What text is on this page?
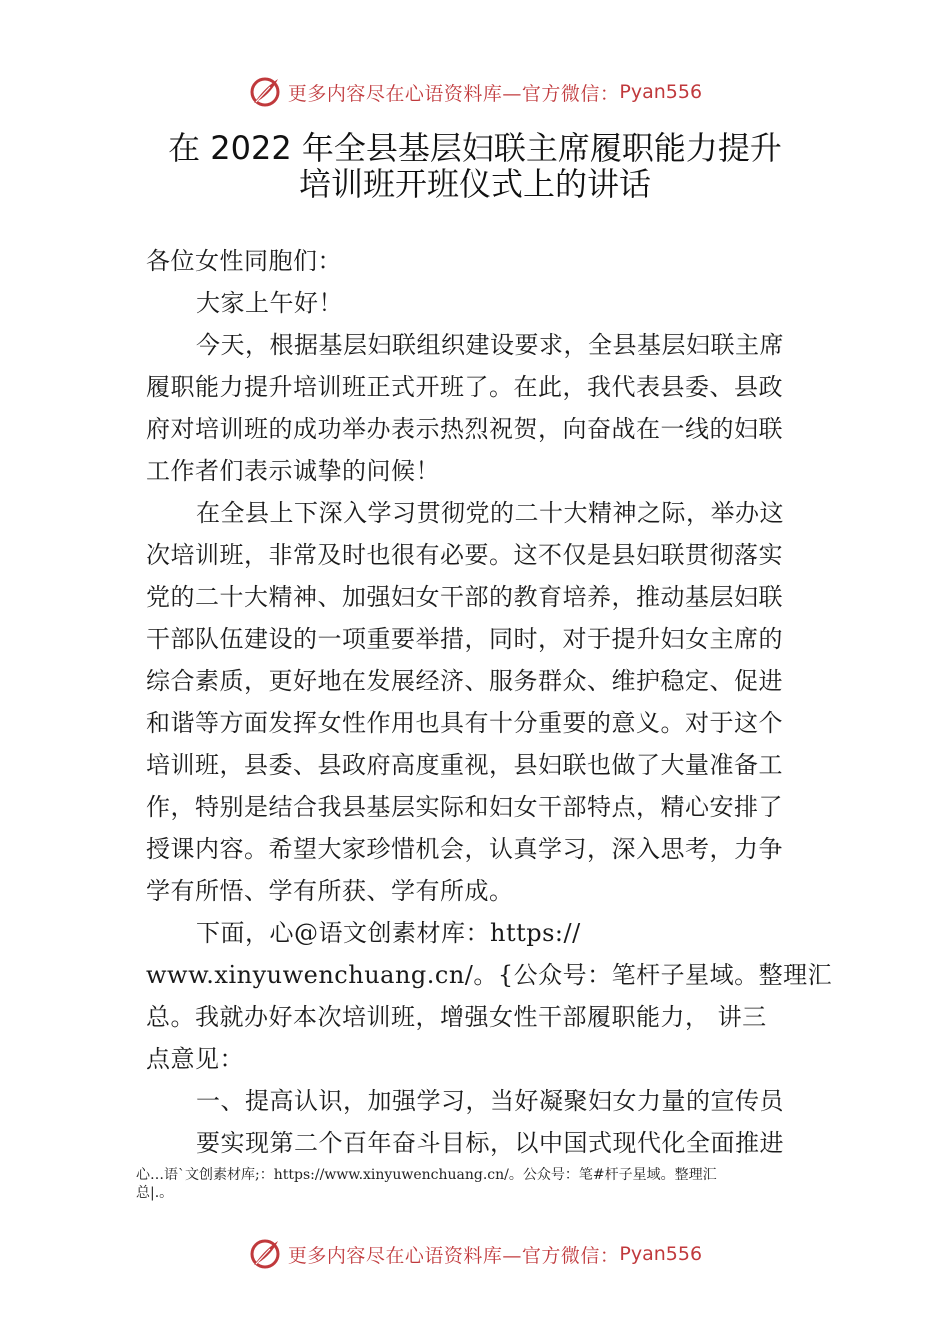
更多内容尽在心语资料库—官方微信： Pyan556
在 2022 年全县基层妇联主席履职能力提升
培训班开班仪式上的讲话
各位女性同胞们：
大家上午好！
今天，根据基层妇联组织建设要求，全县基层妇联主席
履职能力提升培训班正式开班了。在此，我代表县委、县政
府对培训班的成功举办表示热烈祝贺，向奋战在一线的妇联
工作者们表示诚挚的问候！
在全县上下深入学习贯彻党的二十大精神之际，举办这
次培训班，非常及时也很有必要。这不仅是县妇联贯彻落实
党的二十大精神、加强妇女干部的教育培养，推动基层妇联
干部队伍建设的一项重要举措，同时，对于提升妇女主席的
综合素质，更好地在发展经济、服务群众、维护稳定、促进
和谐等方面发挥女性作用也具有十分重要的意义。对于这个
培训班，县委、县政府高度重视，县妇联也做了大量准备工
作，特别是结合我县基层实际和妇女干部特点，精心安排了
授课内容。希望大家珍惜机会，认真学习，深入思考，力争
学有所悟、学有所获、学有所成。
下面，心@语文创素材库：https://
www.xinyuwenchuang.cn/。{公众号：笔杆子星域。整理汇
总。我就办好本次培训班，增强女性干部履职能力， 讲三
点意见：
一、提高认识，加强学习，当好凝聚妇女力量的宣传员
要实现第二个百年奋斗目标，以中国式现代化全面推进
心…语`文创素材库;：https://www.xinyuwenchuang.cn/。公众号：笔#杆子星域。整理汇
总|.。
更多内容尽在心语资料库—官方微信： Pyan556
